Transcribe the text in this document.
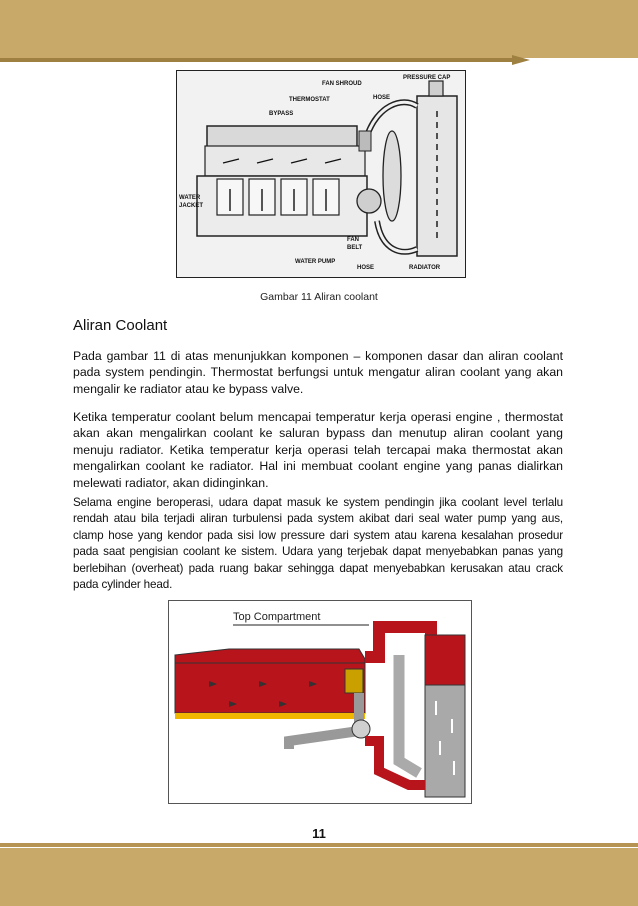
FAN SHROUD
PRESSURE CAP
THERMOSTAT	HOSE
BYPASS
WATER
JACKET
FAN
BELT
WATER PUMP
HOSE	RADIATOR
Gambar 11 Aliran coolant
Aliran Coolant

Pada gambar 11 di atas menunjukkan komponen – komponen dasar dan aliran coolant pada system pendingin. Thermostat berfungsi untuk mengatur aliran coolant yang akan mengalir ke radiator atau ke bypass valve.

Ketika temperatur coolant belum mencapai temperatur kerja operasi engine , thermostat akan akan mengalirkan coolant ke saluran bypass dan menutup aliran coolant yang menuju radiator. Ketika temperatur kerja operasi telah tercapai maka thermostat akan mengalirkan coolant ke radiator. Hal ini membuat coolant engine yang panas dialirkan melewati radiator, akan didinginkan.

Selama engine beroperasi, udara dapat masuk ke system pendingin jika coolant level terlalu rendah atau bila terjadi aliran turbulensi pada system akibat dari seal water pump yang aus, clamp hose yang kendor pada sisi low pressure dari system atau karena kesalahan prosedur pada saat pengisian coolant ke sistem. Udara yang terjebak dapat menyebabkan panas yang berlebihan (overheat) pada ruang bakar sehingga dapat menyebabkan kerusakan atau crack pada cylinder head.

Top Compartment
11
